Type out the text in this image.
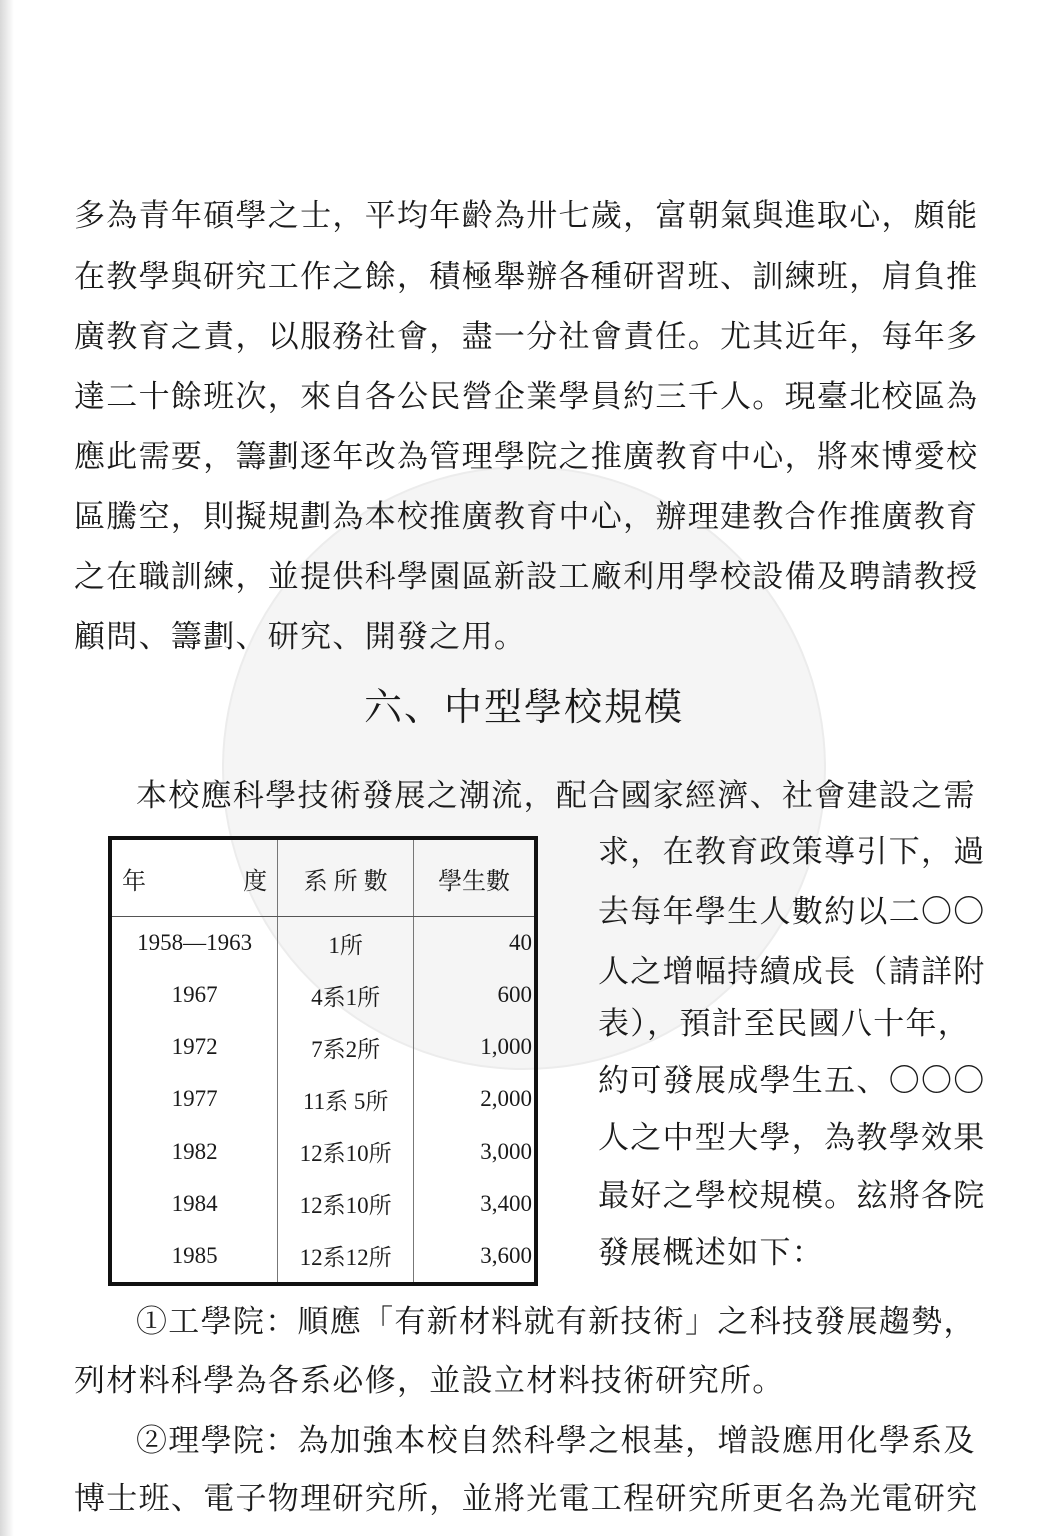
多為青年碩學之士，平均年齡為卅七歲，富朝氣與進取心，頗能
在教學與研究工作之餘，積極舉辦各種研習班、訓練班，肩負推
廣教育之責，以服務社會，盡一分社會責任。尤其近年，每年多
達二十餘班次，來自各公民營企業學員約三千人。現臺北校區為
應此需要，籌劃逐年改為管理學院之推廣教育中心，將來博愛校
區騰空，則擬規劃為本校推廣教育中心，辦理建教合作推廣教育
之在職訓練，並提供科學園區新設工廠利用學校設備及聘請教授
顧問、籌劃、研究、開發之用。
六、中型學校規模
本校應科學技術發展之潮流，配合國家經濟、社會建設之需
年 度	系 所 數	學生數
1958—1963	1所	40
1967	4系1所	600
1972	7系2所	1,000
1977	11系 5所	2,000
1982	12系10所	3,000
1984	12系10所	3,400
1985	12系12所	3,600
求，在教育政策導引下，過
去每年學生人數約以二〇〇
人之增幅持續成長（請詳附
表），預計至民國八十年，
約可發展成學生五、〇〇〇
人之中型大學，為教學效果
最好之學校規模。玆將各院
發展概述如下：
①工學院：順應「有新材料就有新技術」之科技發展趨勢，
列材料科學為各系必修，並設立材料技術研究所。
②理學院：為加強本校自然科學之根基，增設應用化學系及
博士班、電子物理研究所，並將光電工程研究所更名為光電研究
